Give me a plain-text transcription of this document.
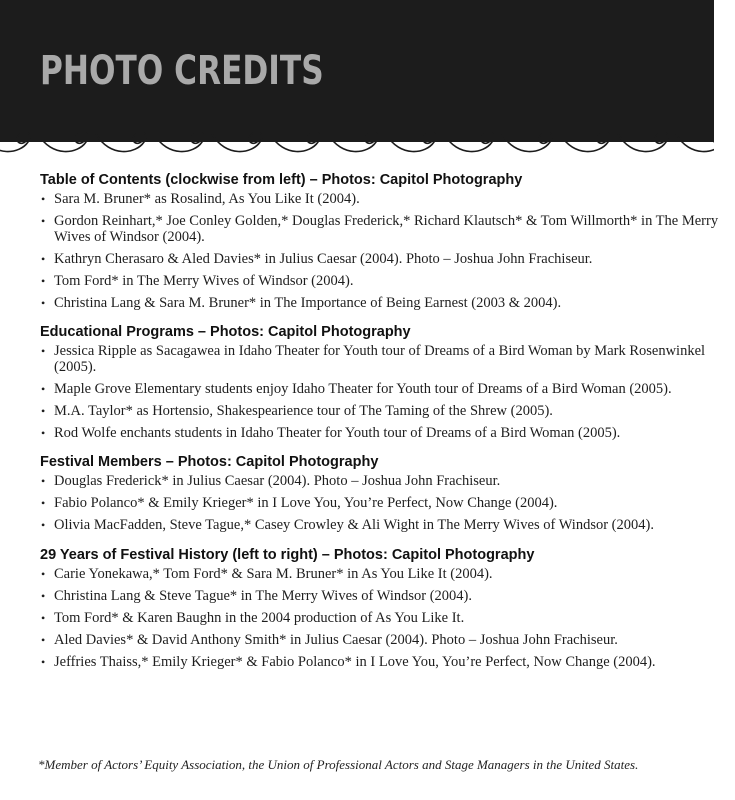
PHOTO CREDITS
Table of Contents (clockwise from left) – Photos: Capitol Photography
• Sara M. Bruner* as Rosalind, As You Like It (2004).
• Gordon Reinhart,* Joe Conley Golden,* Douglas Frederick,* Richard Klautsch* & Tom Willmorth* in The Merry Wives of Windsor (2004).
• Kathryn Cherasaro & Aled Davies* in Julius Caesar (2004). Photo – Joshua John Frachiseur.
• Tom Ford* in The Merry Wives of Windsor (2004).
• Christina Lang & Sara M. Bruner* in The Importance of Being Earnest (2003 & 2004).
Educational Programs – Photos: Capitol Photography
• Jessica Ripple as Sacagawea in Idaho Theater for Youth tour of Dreams of a Bird Woman by Mark Rosenwinkel (2005).
• Maple Grove Elementary students enjoy Idaho Theater for Youth tour of Dreams of a Bird Woman (2005).
• M.A. Taylor* as Hortensio, Shakespearience tour of The Taming of the Shrew (2005).
• Rod Wolfe enchants students in Idaho Theater for Youth tour of Dreams of a Bird Woman (2005).
Festival Members – Photos: Capitol Photography
• Douglas Frederick* in Julius Caesar (2004). Photo – Joshua John Frachiseur.
• Fabio Polanco* & Emily Krieger* in I Love You, You’re Perfect, Now Change (2004).
• Olivia MacFadden, Steve Tague,* Casey Crowley & Ali Wight in The Merry Wives of Windsor (2004).
29 Years of Festival History (left to right) – Photos: Capitol Photography
• Carie Yonekawa,* Tom Ford* & Sara M. Bruner* in As You Like It (2004).
• Christina Lang & Steve Tague* in The Merry Wives of Windsor (2004).
• Tom Ford* & Karen Baughn in the 2004 production of As You Like It.
• Aled Davies* & David Anthony Smith* in Julius Caesar (2004). Photo – Joshua John Frachiseur.
• Jeffries Thaiss,* Emily Krieger* & Fabio Polanco* in I Love You, You’re Perfect, Now Change (2004).
*Member of Actors’ Equity Association, the Union of Professional Actors and Stage Managers in the United States.
